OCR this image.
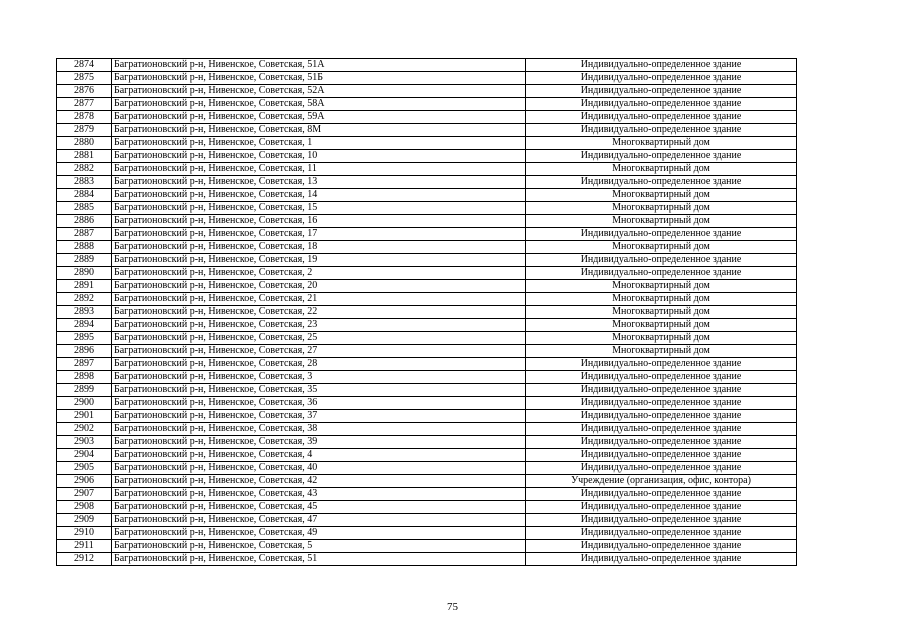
2874	Багратионовский р-н, Нивенское, Советская, 51А	Индивидуально-определенное здание
2875	Багратионовский р-н, Нивенское, Советская, 51Б	Индивидуально-определенное здание
2876	Багратионовский р-н, Нивенское, Советская, 52А	Индивидуально-определенное здание
2877	Багратионовский р-н, Нивенское, Советская, 58А	Индивидуально-определенное здание
2878	Багратионовский р-н, Нивенское, Советская, 59А	Индивидуально-определенное здание
2879	Багратионовский р-н, Нивенское, Советская, 8М	Индивидуально-определенное здание
2880	Багратионовский р-н, Нивенское, Советская, 1	Многоквартирный дом
2881	Багратионовский р-н, Нивенское, Советская, 10	Индивидуально-определенное здание
2882	Багратионовский р-н, Нивенское, Советская, 11	Многоквартирный дом
2883	Багратионовский р-н, Нивенское, Советская, 13	Индивидуально-определенное здание
2884	Багратионовский р-н, Нивенское, Советская, 14	Многоквартирный дом
2885	Багратионовский р-н, Нивенское, Советская, 15	Многоквартирный дом
2886	Багратионовский р-н, Нивенское, Советская, 16	Многоквартирный дом
2887	Багратионовский р-н, Нивенское, Советская, 17	Индивидуально-определенное здание
2888	Багратионовский р-н, Нивенское, Советская, 18	Многоквартирный дом
2889	Багратионовский р-н, Нивенское, Советская, 19	Индивидуально-определенное здание
2890	Багратионовский р-н, Нивенское, Советская, 2	Индивидуально-определенное здание
2891	Багратионовский р-н, Нивенское, Советская, 20	Многоквартирный дом
2892	Багратионовский р-н, Нивенское, Советская, 21	Многоквартирный дом
2893	Багратионовский р-н, Нивенское, Советская, 22	Многоквартирный дом
2894	Багратионовский р-н, Нивенское, Советская, 23	Многоквартирный дом
2895	Багратионовский р-н, Нивенское, Советская, 25	Многоквартирный дом
2896	Багратионовский р-н, Нивенское, Советская, 27	Многоквартирный дом
2897	Багратионовский р-н, Нивенское, Советская, 28	Индивидуально-определенное здание
2898	Багратионовский р-н, Нивенское, Советская, 3	Индивидуально-определенное здание
2899	Багратионовский р-н, Нивенское, Советская, 35	Индивидуально-определенное здание
2900	Багратионовский р-н, Нивенское, Советская, 36	Индивидуально-определенное здание
2901	Багратионовский р-н, Нивенское, Советская, 37	Индивидуально-определенное здание
2902	Багратионовский р-н, Нивенское, Советская, 38	Индивидуально-определенное здание
2903	Багратионовский р-н, Нивенское, Советская, 39	Индивидуально-определенное здание
2904	Багратионовский р-н, Нивенское, Советская, 4	Индивидуально-определенное здание
2905	Багратионовский р-н, Нивенское, Советская, 40	Индивидуально-определенное здание
2906	Багратионовский р-н, Нивенское, Советская, 42	Учреждение (организация, офис, контора)
2907	Багратионовский р-н, Нивенское, Советская, 43	Индивидуально-определенное здание
2908	Багратионовский р-н, Нивенское, Советская, 45	Индивидуально-определенное здание
2909	Багратионовский р-н, Нивенское, Советская, 47	Индивидуально-определенное здание
2910	Багратионовский р-н, Нивенское, Советская, 49	Индивидуально-определенное здание
2911	Багратионовский р-н, Нивенское, Советская, 5	Индивидуально-определенное здание
2912	Багратионовский р-н, Нивенское, Советская, 51	Индивидуально-определенное здание
75
